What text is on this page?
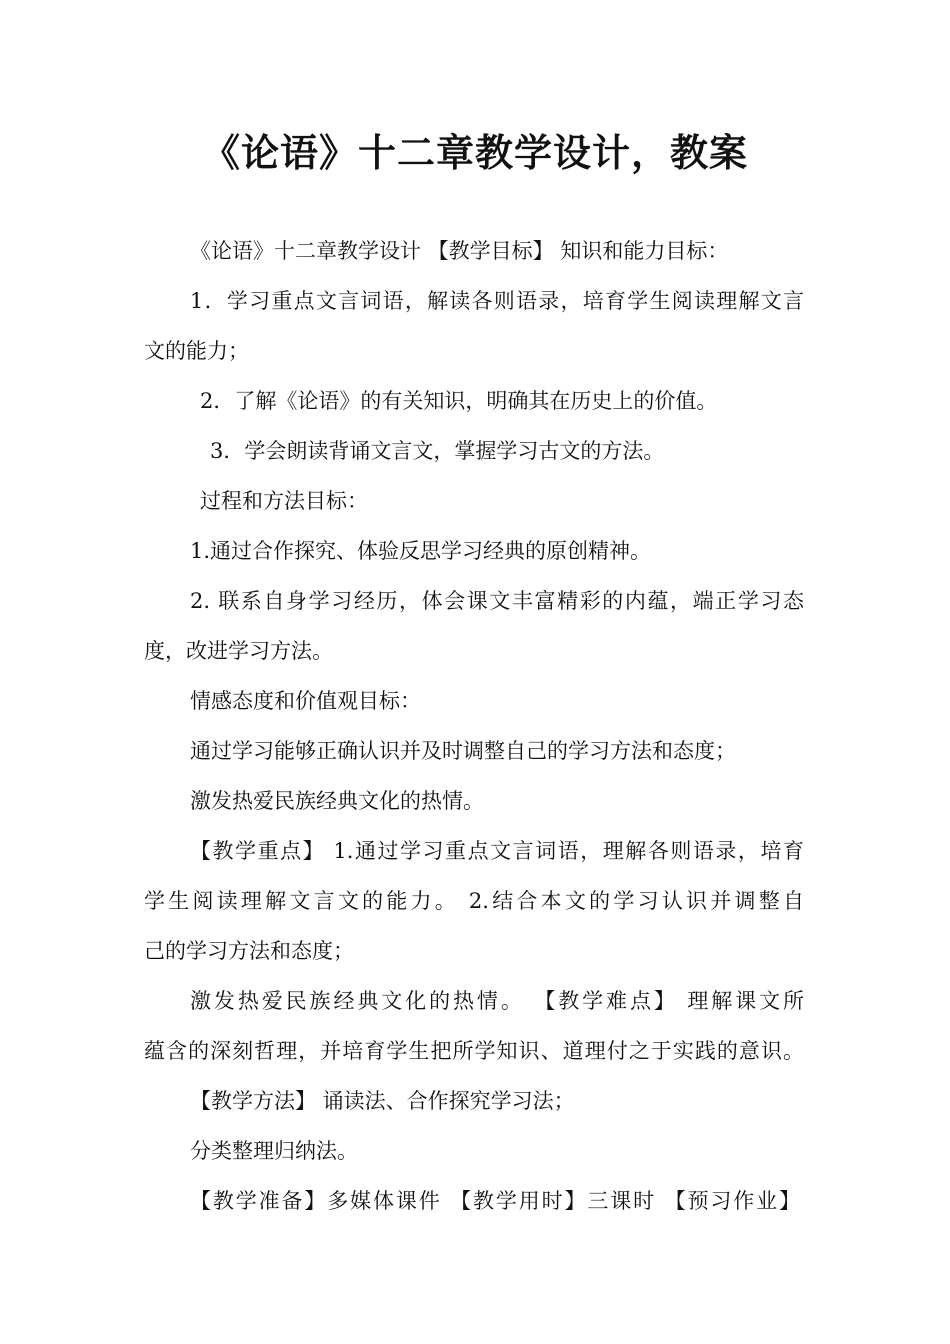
《论语》十二章教学设计，教案
《论语》十二章教学设计 【教学目标】 知识和能力目标：
1．学习重点文言词语，解读各则语录，培育学生阅读理解文言
文的能力；
2．了解《论语》的有关知识，明确其在历史上的价值。
3．学会朗读背诵文言文，掌握学习古文的方法。
过程和方法目标：
1.通过合作探究、体验反思学习经典的原创精神。
2. 联系自身学习经历，体会课文丰富精彩的内蕴，端正学习态
度，改进学习方法。
情感态度和价值观目标：
通过学习能够正确认识并及时调整自己的学习方法和态度；
激发热爱民族经典文化的热情。
【教学重点】 1.通过学习重点文言词语，理解各则语录，培育
学生阅读理解文言文的能力。 2.结合本文的学习认识并调整自
己的学习方法和态度；
激发热爱民族经典文化的热情。 【教学难点】 理解课文所
蕴含的深刻哲理，并培育学生把所学知识、道理付之于实践的意识。
【教学方法】 诵读法、合作探究学习法；
分类整理归纳法。
【教学准备】多媒体课件 【教学用时】三课时 【预习作业】
